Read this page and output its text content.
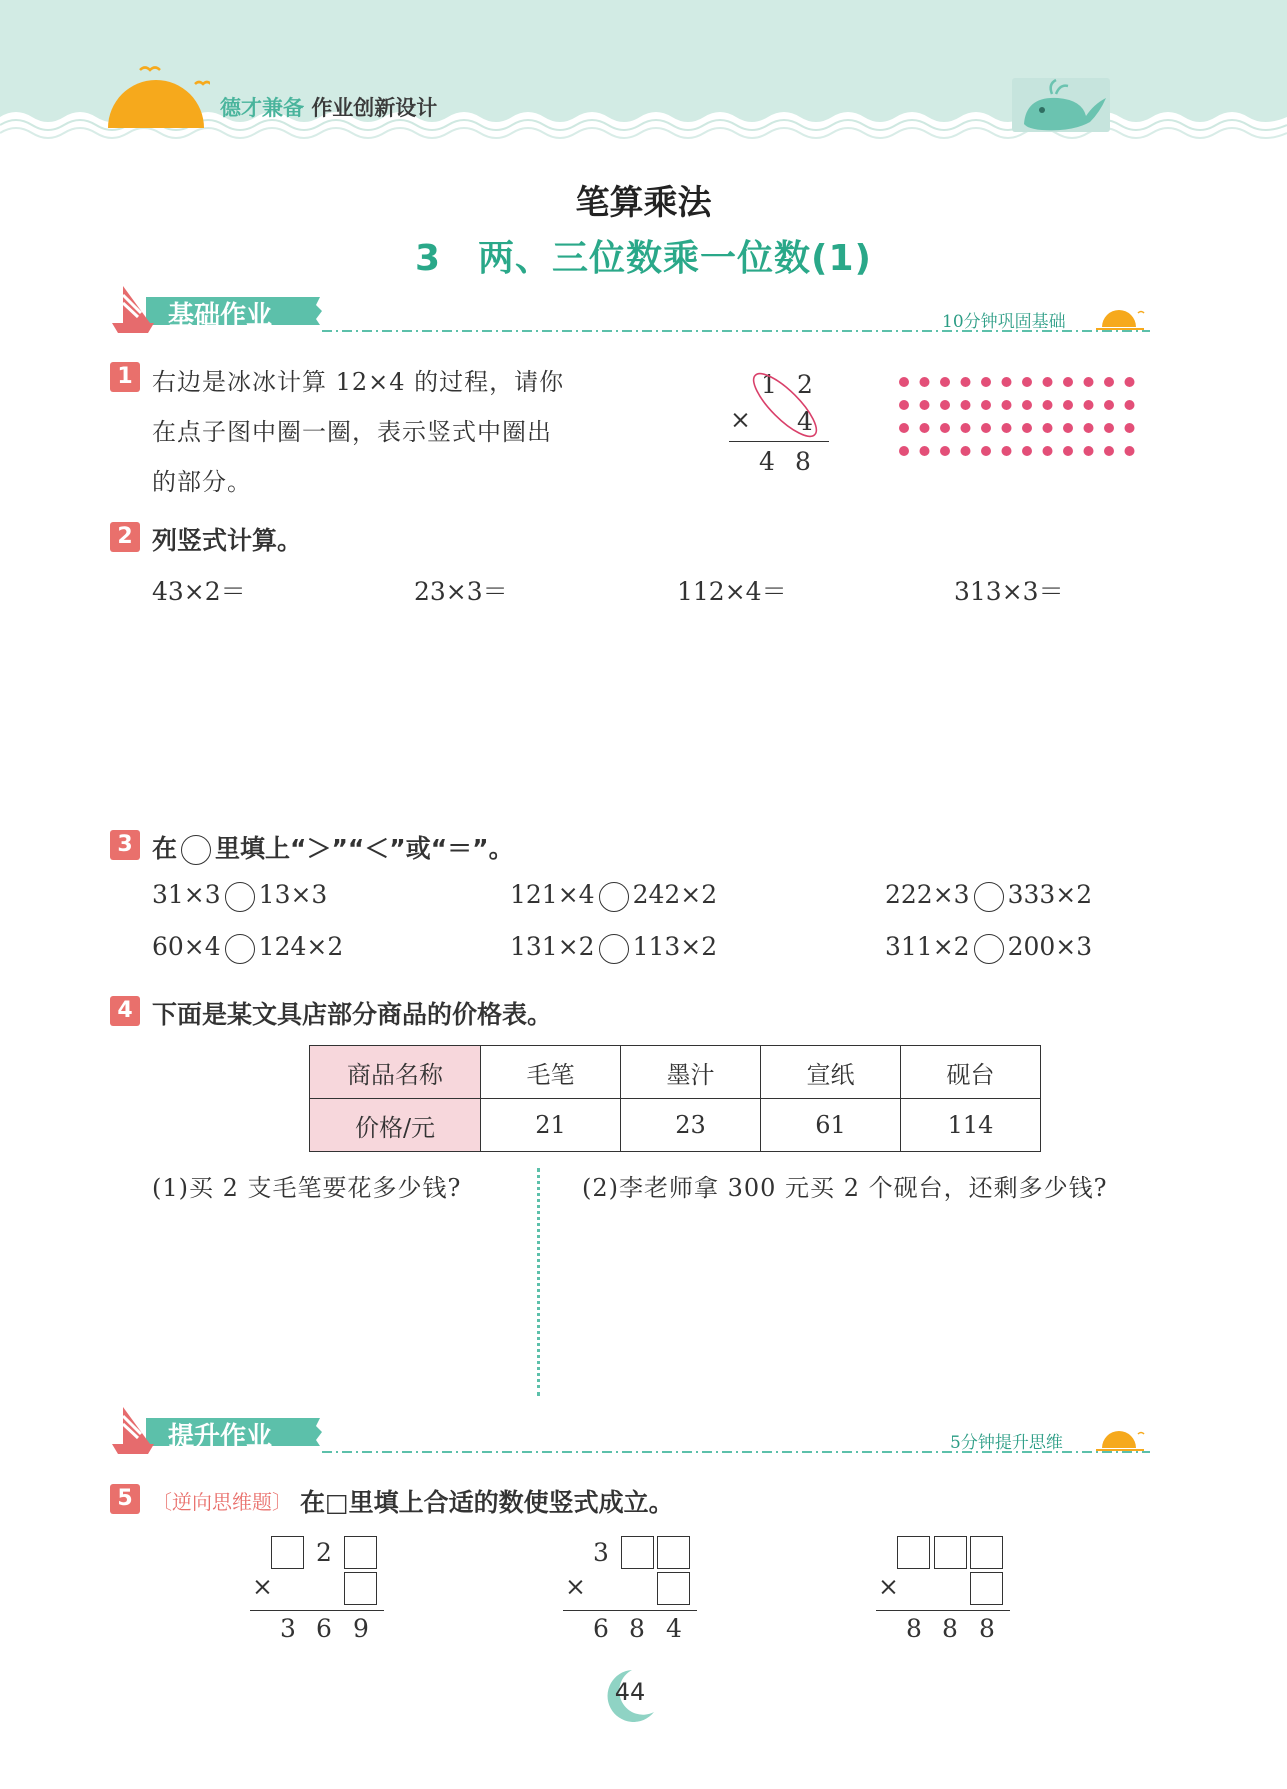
德才兼备 作业创新设计
笔算乘法
3　两、三位数乘一位数(1)
基础作业	10分钟巩固基础
1 右边是冰冰计算 12×4 的过程，请你
在点子图中圈一圈，表示竖式中圈出
的部分。
1 2
× 4
4 8
2 列竖式计算。
43×2＝	23×3＝	112×4＝	313×3＝
3 在 里填上“＞”“＜”或“＝”。
31×3 13×3	121×4 242×2	222×3 333×2
60×4 124×2	131×2 113×2	311×2 200×3
4 下面是某文具店部分商品的价格表。
商品名称	毛笔	墨汁	宣纸	砚台
价格/元	21	23	61	114
(1)买 2 支毛笔要花多少钱?	(2)李老师拿 300 元买 2 个砚台，还剩多少钱?
提升作业	5分钟提升思维
5 〔逆向思维题〕 在□里填上合适的数使竖式成立。
2
×
3 6 9
3
×
6 8 4
×
8 8 8
44
